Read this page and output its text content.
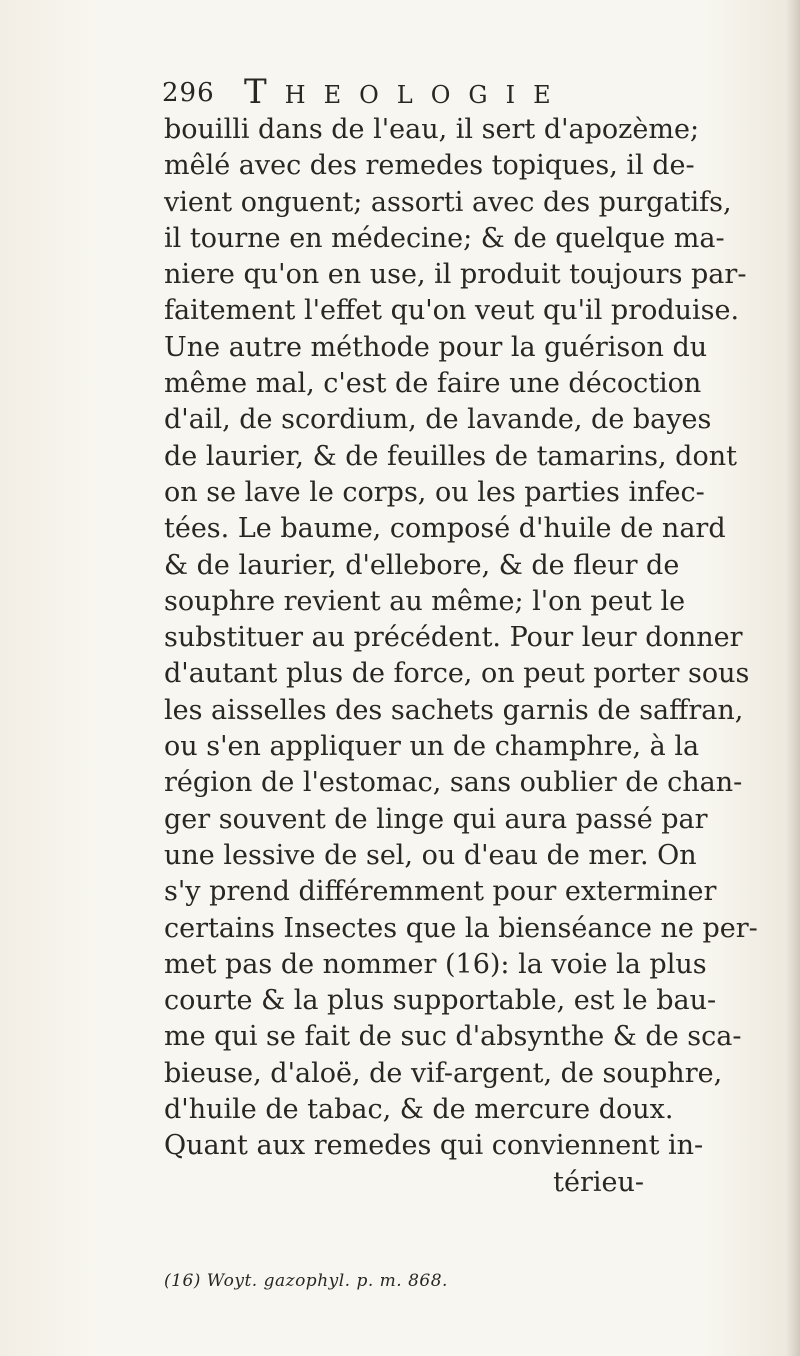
296 Theologie
bouilli dans de l'eau, il sert d'apozème;
mêlé avec des remedes topiques, il de-
vient onguent; assorti avec des purgatifs,
il tourne en médecine; & de quelque ma-
niere qu'on en use, il produit toujours par-
faitement l'effet qu'on veut qu'il produise.
Une autre méthode pour la guérison du
même mal, c'est de faire une décoction
d'ail, de scordium, de lavande, de bayes
de laurier, & de feuilles de tamarins, dont
on se lave le corps, ou les parties infec-
tées. Le baume, composé d'huile de nard
& de laurier, d'ellebore, & de fleur de
souphre revient au même; l'on peut le
substituer au précédent. Pour leur donner
d'autant plus de force, on peut porter sous
les aisselles des sachets garnis de saffran,
ou s'en appliquer un de champhre, à la
région de l'estomac, sans oublier de chan-
ger souvent de linge qui aura passé par
une lessive de sel, ou d'eau de mer. On
s'y prend différemment pour exterminer
certains Insectes que la bienséance ne per-
met pas de nommer (16): la voie la plus
courte & la plus supportable, est le bau-
me qui se fait de suc d'absynthe & de sca-
bieuse, d'aloë, de vif-argent, de souphre,
d'huile de tabac, & de mercure doux.
Quant aux remedes qui conviennent in-
térieu-
(16) Woyt. gazophyl. p. m. 868.
